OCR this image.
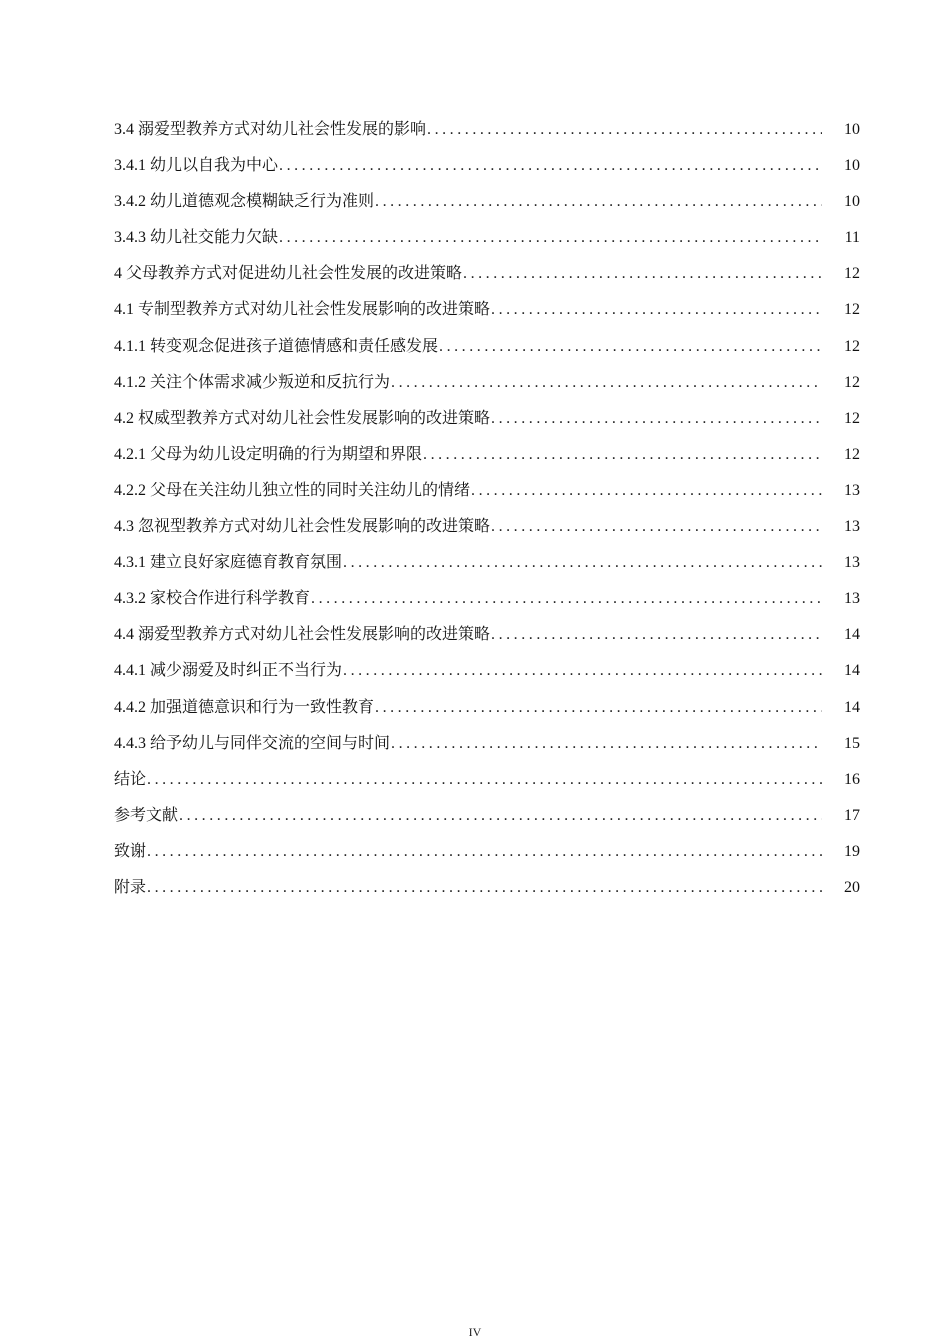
3.4 溺爱型教养方式对幼儿社会性发展的影响 .....	10
3.4.1 幼儿以自我为中心 .....	10
3.4.2 幼儿道德观念模糊缺乏行为准则 .....	10
3.4.3 幼儿社交能力欠缺 .....	11
4 父母教养方式对促进幼儿社会性发展的改进策略 .....	12
4.1 专制型教养方式对幼儿社会性发展影响的改进策略 .....	12
4.1.1 转变观念促进孩子道德情感和责任感发展 .....	12
4.1.2 关注个体需求减少叛逆和反抗行为 .....	12
4.2 权威型教养方式对幼儿社会性发展影响的改进策略 .....	12
4.2.1 父母为幼儿设定明确的行为期望和界限 .....	12
4.2.2 父母在关注幼儿独立性的同时关注幼儿的情绪 .....	13
4.3 忽视型教养方式对幼儿社会性发展影响的改进策略 .....	13
4.3.1 建立良好家庭德育教育氛围 .....	13
4.3.2 家校合作进行科学教育 .....	13
4.4 溺爱型教养方式对幼儿社会性发展影响的改进策略 .....	14
4.4.1 减少溺爱及时纠正不当行为 .....	14
4.4.2 加强道德意识和行为一致性教育 .....	14
4.4.3 给予幼儿与同伴交流的空间与时间 .....	15
结论 .....	16
参考文献 .....	17
致谢 .....	19
附录 .....	20
IV
